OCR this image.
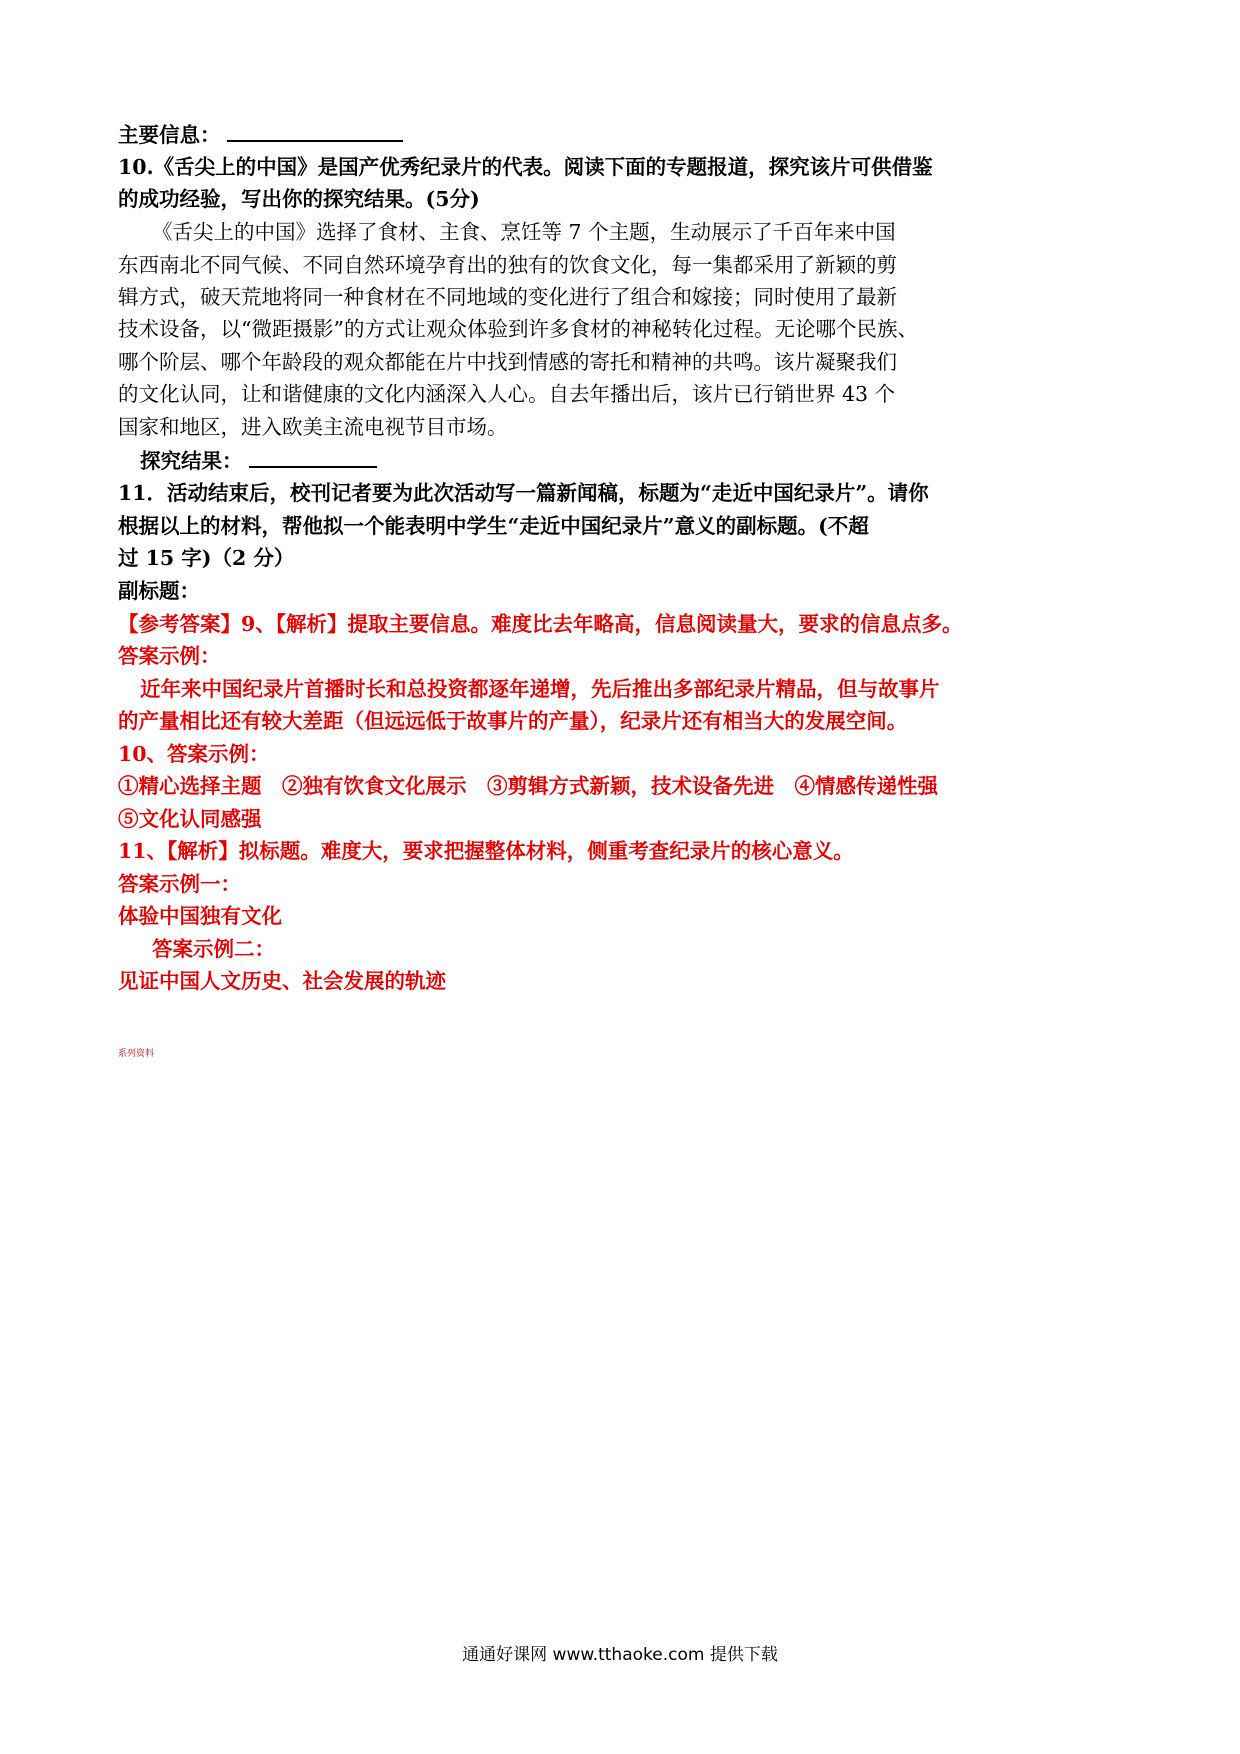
主要信息：
10.《舌尖上的中国》是国产优秀纪录片的代表。阅读下面的专题报道，探究该片可供借鉴
的成功经验，写出你的探究结果。(5分)
《舌尖上的中国》选择了食材、主食、烹饪等 7 个主题，生动展示了千百年来中国
东西南北不同气候、不同自然环境孕育出的独有的饮食文化，每一集都采用了新颖的剪
辑方式，破天荒地将同一种食材在不同地域的变化进行了组合和嫁接；同时使用了最新
技术设备，以“微距摄影”的方式让观众体验到许多食材的神秘转化过程。无论哪个民族、
哪个阶层、哪个年龄段的观众都能在片中找到情感的寄托和精神的共鸣。该片凝聚我们
的文化认同，让和谐健康的文化内涵深入人心。自去年播出后，该片已行销世界 43 个
国家和地区，进入欧美主流电视节目市场。
探究结果：
11．活动结束后，校刊记者要为此次活动写一篇新闻稿，标题为“走近中国纪录片”。请你
根据以上的材料，帮他拟一个能表明中学生“走近中国纪录片”意义的副标题。(不超
过 15 字)（2 分）
副标题：
【参考答案】9、【解析】提取主要信息。难度比去年略高，信息阅读量大，要求的信息点多。
答案示例：
近年来中国纪录片首播时长和总投资都逐年递增，先后推出多部纪录片精品，但与故事片
的产量相比还有较大差距（但远远低于故事片的产量），纪录片还有相当大的发展空间。
10、答案示例：
①精心选择主题　②独有饮食文化展示　③剪辑方式新颖，技术设备先进　④情感传递性强
⑤文化认同感强
11、【解析】拟标题。难度大，要求把握整体材料，侧重考查纪录片的核心意义。
答案示例一：
体验中国独有文化
答案示例二：
见证中国人文历史、社会发展的轨迹
系列资料
通通好课网 www.tthaoke.com 提供下载
